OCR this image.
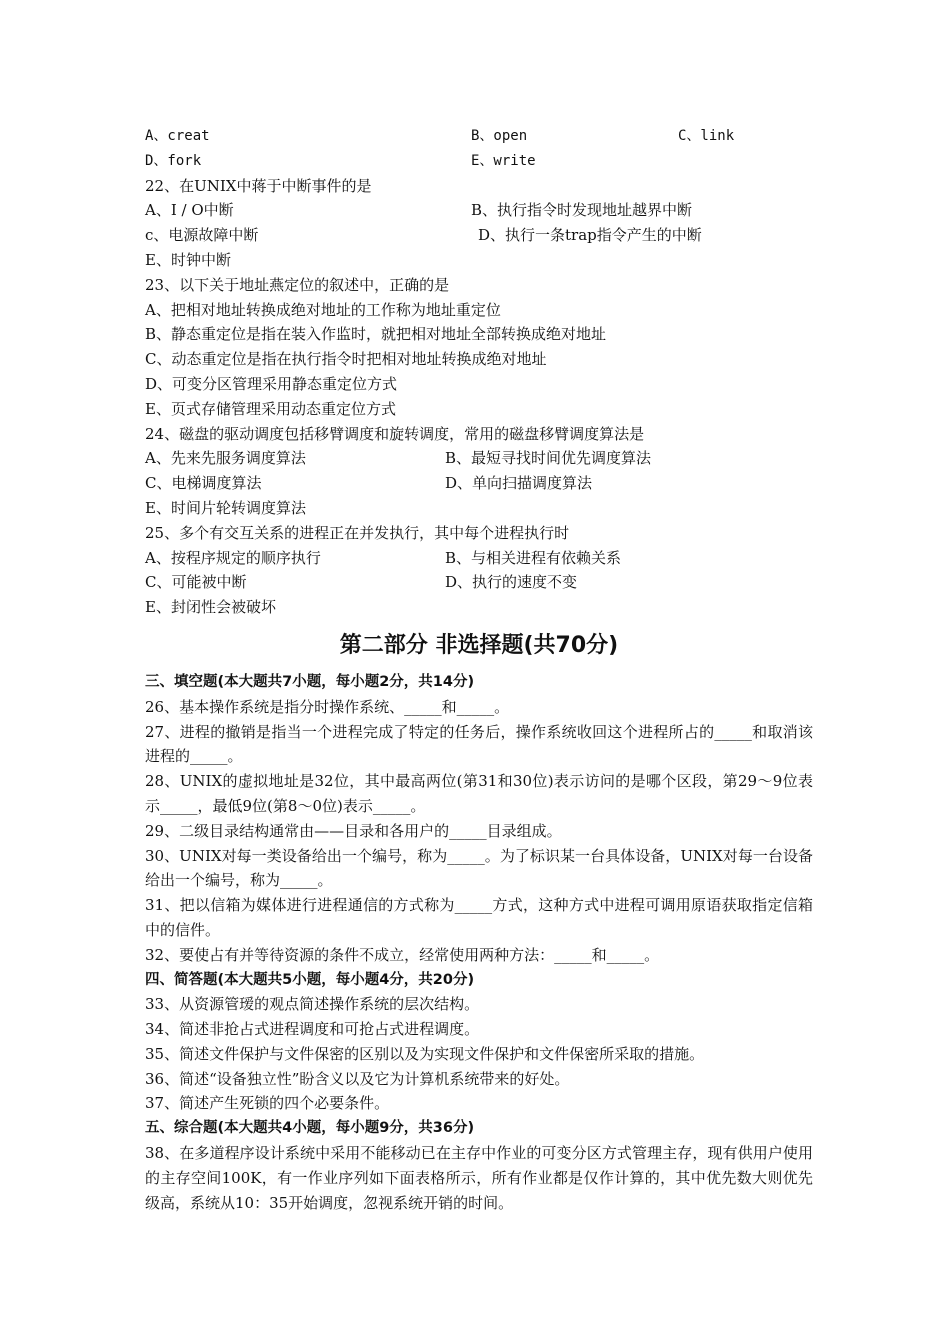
A、creat	B、open	C、link
D、fork	E、write
22、在UNIX中蒋于中断事件的是
A、I / O中断	B、执行指令时发现地址越界中断
c、电源故障中断	D、执行一条trap指令产生的中断
E、时钟中断
23、以下关于地址燕定位的叙述中，正确的是
A、把相对地址转换成绝对地址的工作称为地址重定位
B、静态重定位是指在装入作监时，就把相对地址全部转换成绝对地址
C、动态重定位是指在执行指令时把相对地址转换成绝对地址
D、可变分区管理采用静态重定位方式
E、页式存储管理采用动态重定位方式
24、磁盘的驱动调度包括移臂调度和旋转调度，常用的磁盘移臂调度算法是
A、先来先服务调度算法	B、最短寻找时间优先调度算法
C、电梯调度算法	D、单向扫描调度算法
E、时间片轮转调度算法
25、多个有交互关系的进程正在并发执行，其中每个进程执行时
A、按程序规定的顺序执行	B、与相关进程有依赖关系
C、可能被中断	D、执行的速度不变
E、封闭性会被破坏
第二部分 非选择题(共70分)
三、填空题(本大题共7小题，每小题2分，共14分)
26、基本操作系统是指分时操作系统、_____和_____。
27、进程的撤销是指当一个进程完成了特定的任务后，操作系统收回这个进程所占的_____和取消该进程的_____。
28、UNIX的虚拟地址是32位，其中最高两位(第31和30位)表示访问的是哪个区段，第29～9位表示_____，最低9位(第8～0位)表示_____。
29、二级目录结构通常由——目录和各用户的_____目录组成。
30、UNIX对每一类设备给出一个编号，称为_____。为了标识某一台具体设备，UNIX对每一台设备给出一个编号，称为_____。
31、把以信箱为媒体进行进程通信的方式称为_____方式，这种方式中进程可调用原语获取指定信箱中的信件。
32、要使占有并等待资源的条件不成立，经常使用两种方法：_____和_____。
四、简答题(本大题共5小题，每小题4分，共20分)
33、从资源管瑷的观点简述操作系统的层次结构。
34、简述非抢占式进程调度和可抢占式进程调度。
35、简述文件保护与文件保密的区别以及为实现文件保护和文件保密所采取的措施。
36、简述“设备独立性”盼含义以及它为计算机系统带来的好处。
37、简述产生死锁的四个必要条件。
五、综合题(本大题共4小题，每小题9分，共36分)
38、在多道程序设计系统中采用不能移动已在主存中作业的可变分区方式管理主存，现有供用户使用的主存空间100K，有一作业序列如下面表格所示，所有作业都是仅作计算的，其中优先数大则优先级高，系统从10：35开始调度，忽视系统开销的时间。
